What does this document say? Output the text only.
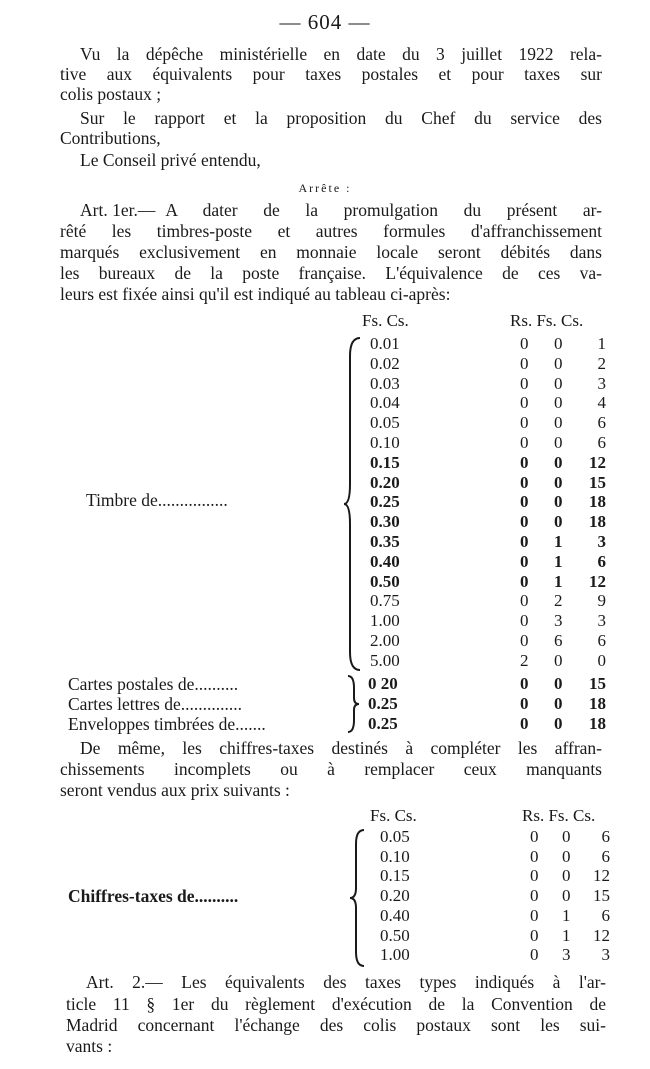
— 604 —
Vu la dépêche ministérielle en date du 3 juillet 1922 rela-
tive aux équivalents pour taxes postales et pour taxes sur
colis postaux ;
Sur le rapport et la proposition du Chef du service des
Contributions,
Le Conseil privé entendu,
Arrête :
Art. 1er.— A dater de la promulgation du présent ar-
rêté les timbres-poste et autres formules d'affranchissement
marqués exclusivement en monnaie locale seront débités dans
les bureaux de la poste française. L'équivalence de ces va-
leurs est fixée ainsi qu'il est indiqué au tableau ci-après:
Fs. Cs.	Rs. Fs. Cs.
0.01	0 0	1
0.02	0 0	2
0.03	0 0	3
0.04	0 0	4
0.05	0 0	6
0.10	0 0	6
0.15	0 0	12
0.20	0 0	15
0.25	0 0	18
0.30	0 0	18
0.35	0 1	3
0.40	0 1	6
0.50	0 1	12
0.75	0 2	9
1.00	0 3	3
2.00	0 6	6
5.00	2 0	0
Timbre de................
Cartes postales de..........	0 20	0 0	15
Cartes lettres de..............	0.25	0 0	18
Enveloppes timbrées de.......	0.25	0 0	18
De même, les chiffres-taxes destinés à compléter les affran-
chissements incomplets ou à remplacer ceux manquants
seront vendus aux prix suivants :
Fs. Cs.	Rs. Fs. Cs.
0.05	0 0	6
0.10	0 0	6
0.15	0 0	12
0.20	0 0	15
0.40	0 1	6
0.50	0 1	12
1.00	0 3	3
Chiffres-taxes de..........
Art. 2.— Les équivalents des taxes types indiqués à l'ar-
ticle 11 § 1er du règlement d'exécution de la Convention de
Madrid concernant l'échange des colis postaux sont les sui-
vants :
